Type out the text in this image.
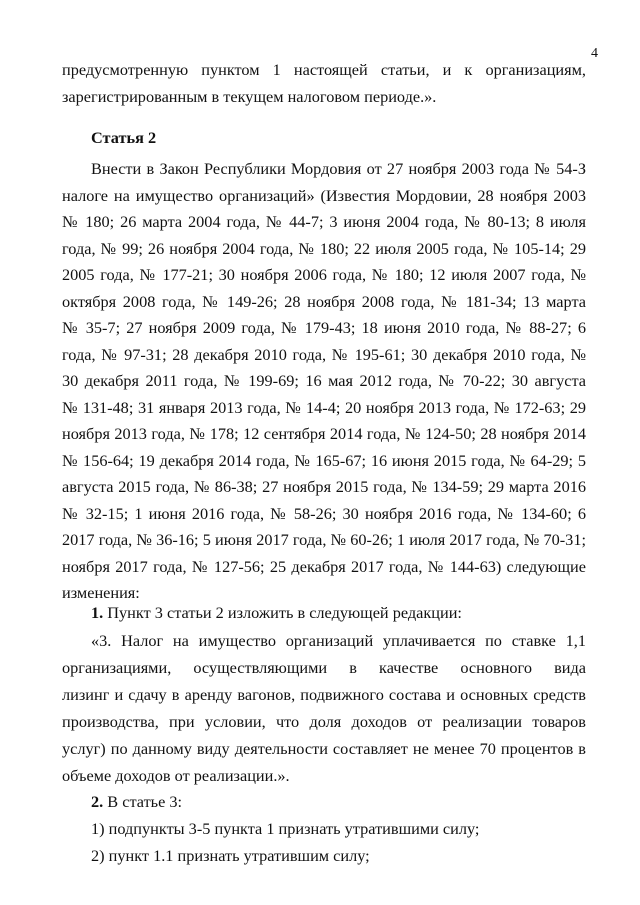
4
предусмотренную пунктом 1 настоящей статьи, и к организациям,
зарегистрированным в текущем налоговом периоде.».
Статья 2
Внести в Закон Республики Мордовия от 27 ноября 2003 года № 54-З
налоге на имущество организаций» (Известия Мордовии, 28 ноября 2003
№ 180; 26 марта 2004 года, № 44-7; 3 июня 2004 года, № 80-13; 8 июля
года, № 99; 26 ноября 2004 года, № 180; 22 июля 2005 года, № 105-14; 29
2005 года, № 177-21; 30 ноября 2006 года, № 180; 12 июля 2007 года, №
октября 2008 года, № 149-26; 28 ноября 2008 года, № 181-34; 13 марта
№ 35-7; 27 ноября 2009 года, № 179-43; 18 июня 2010 года, № 88-27; 6
года, № 97-31; 28 декабря 2010 года, № 195-61; 30 декабря 2010 года, №
30 декабря 2011 года, № 199-69; 16 мая 2012 года, № 70-22; 30 августа
№ 131-48; 31 января 2013 года, № 14-4; 20 ноября 2013 года, № 172-63; 29
ноября 2013 года, № 178; 12 сентября 2014 года, № 124-50; 28 ноября 2014
№ 156-64; 19 декабря 2014 года, № 165-67; 16 июня 2015 года, № 64-29; 5
августа 2015 года, № 86-38; 27 ноября 2015 года, № 134-59; 29 марта 2016
№ 32-15; 1 июня 2016 года, № 58-26; 30 ноября 2016 года, № 134-60; 6
2017 года, № 36-16; 5 июня 2017 года, № 60-26; 1 июля 2017 года, № 70-31;
ноября 2017 года, № 127-56; 25 декабря 2017 года, № 144-63) следующие
изменения:
1. Пункт 3 статьи 2 изложить в следующей редакции:
«3. Налог на имущество организаций уплачивается по ставке 1,1
организациями, осуществляющими в качестве основного вида
лизинг и сдачу в аренду вагонов, подвижного состава и основных средств
производства, при условии, что доля доходов от реализации товаров
услуг) по данному виду деятельности составляет не менее 70 процентов в
объеме доходов от реализации.».
2. В статье 3:
1) подпункты 3-5 пункта 1 признать утратившими силу;
2) пункт 1.1 признать утратившим силу;
